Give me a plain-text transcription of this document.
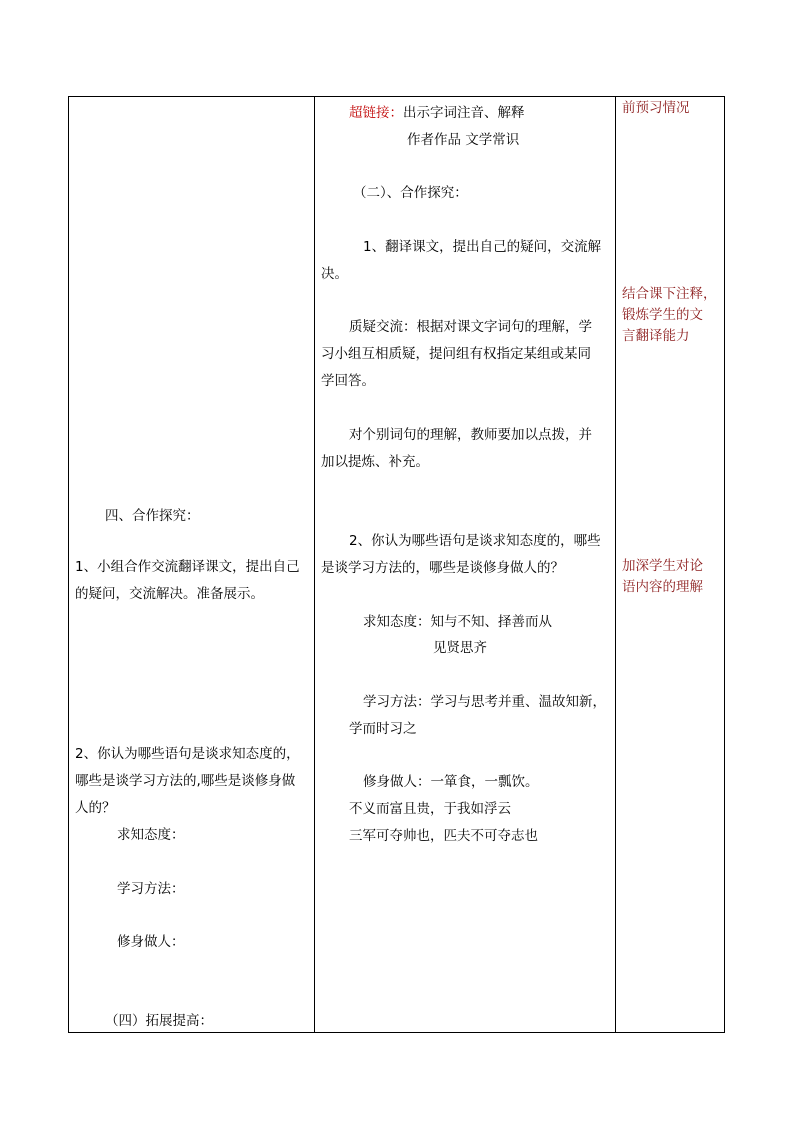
四、合作探究：
1、小组合作交流翻译课文，提出自己
的疑问，交流解决。准备展示。
2、你认为哪些语句是谈求知态度的，
哪些是谈学习方法的,哪些是谈修身做
人的？
求知态度：
学习方法：
修身做人：
（四）拓展提高：

超链接：出示字词注音、解释
作者作品 文学常识
（二）、合作探究：
1、翻译课文，提出自己的疑问，交流解
决。
质疑交流：根据对课文字词句的理解，学
习小组互相质疑，提问组有权指定某组或某同
学回答。
对个别词句的理解，教师要加以点拨，并
加以提炼、补充。
2、你认为哪些语句是谈求知态度的，哪些
是谈学习方法的，哪些是谈修身做人的？
求知态度：知与不知、择善而从
见贤思齐
学习方法：学习与思考并重、温故知新，
学而时习之
修身做人：一箪食，一瓢饮。
不义而富且贵，于我如浮云
三军可夺帅也，匹夫不可夺志也

前预习情况
结合课下注释，
锻炼学生的文
言翻译能力
加深学生对论
语内容的理解
